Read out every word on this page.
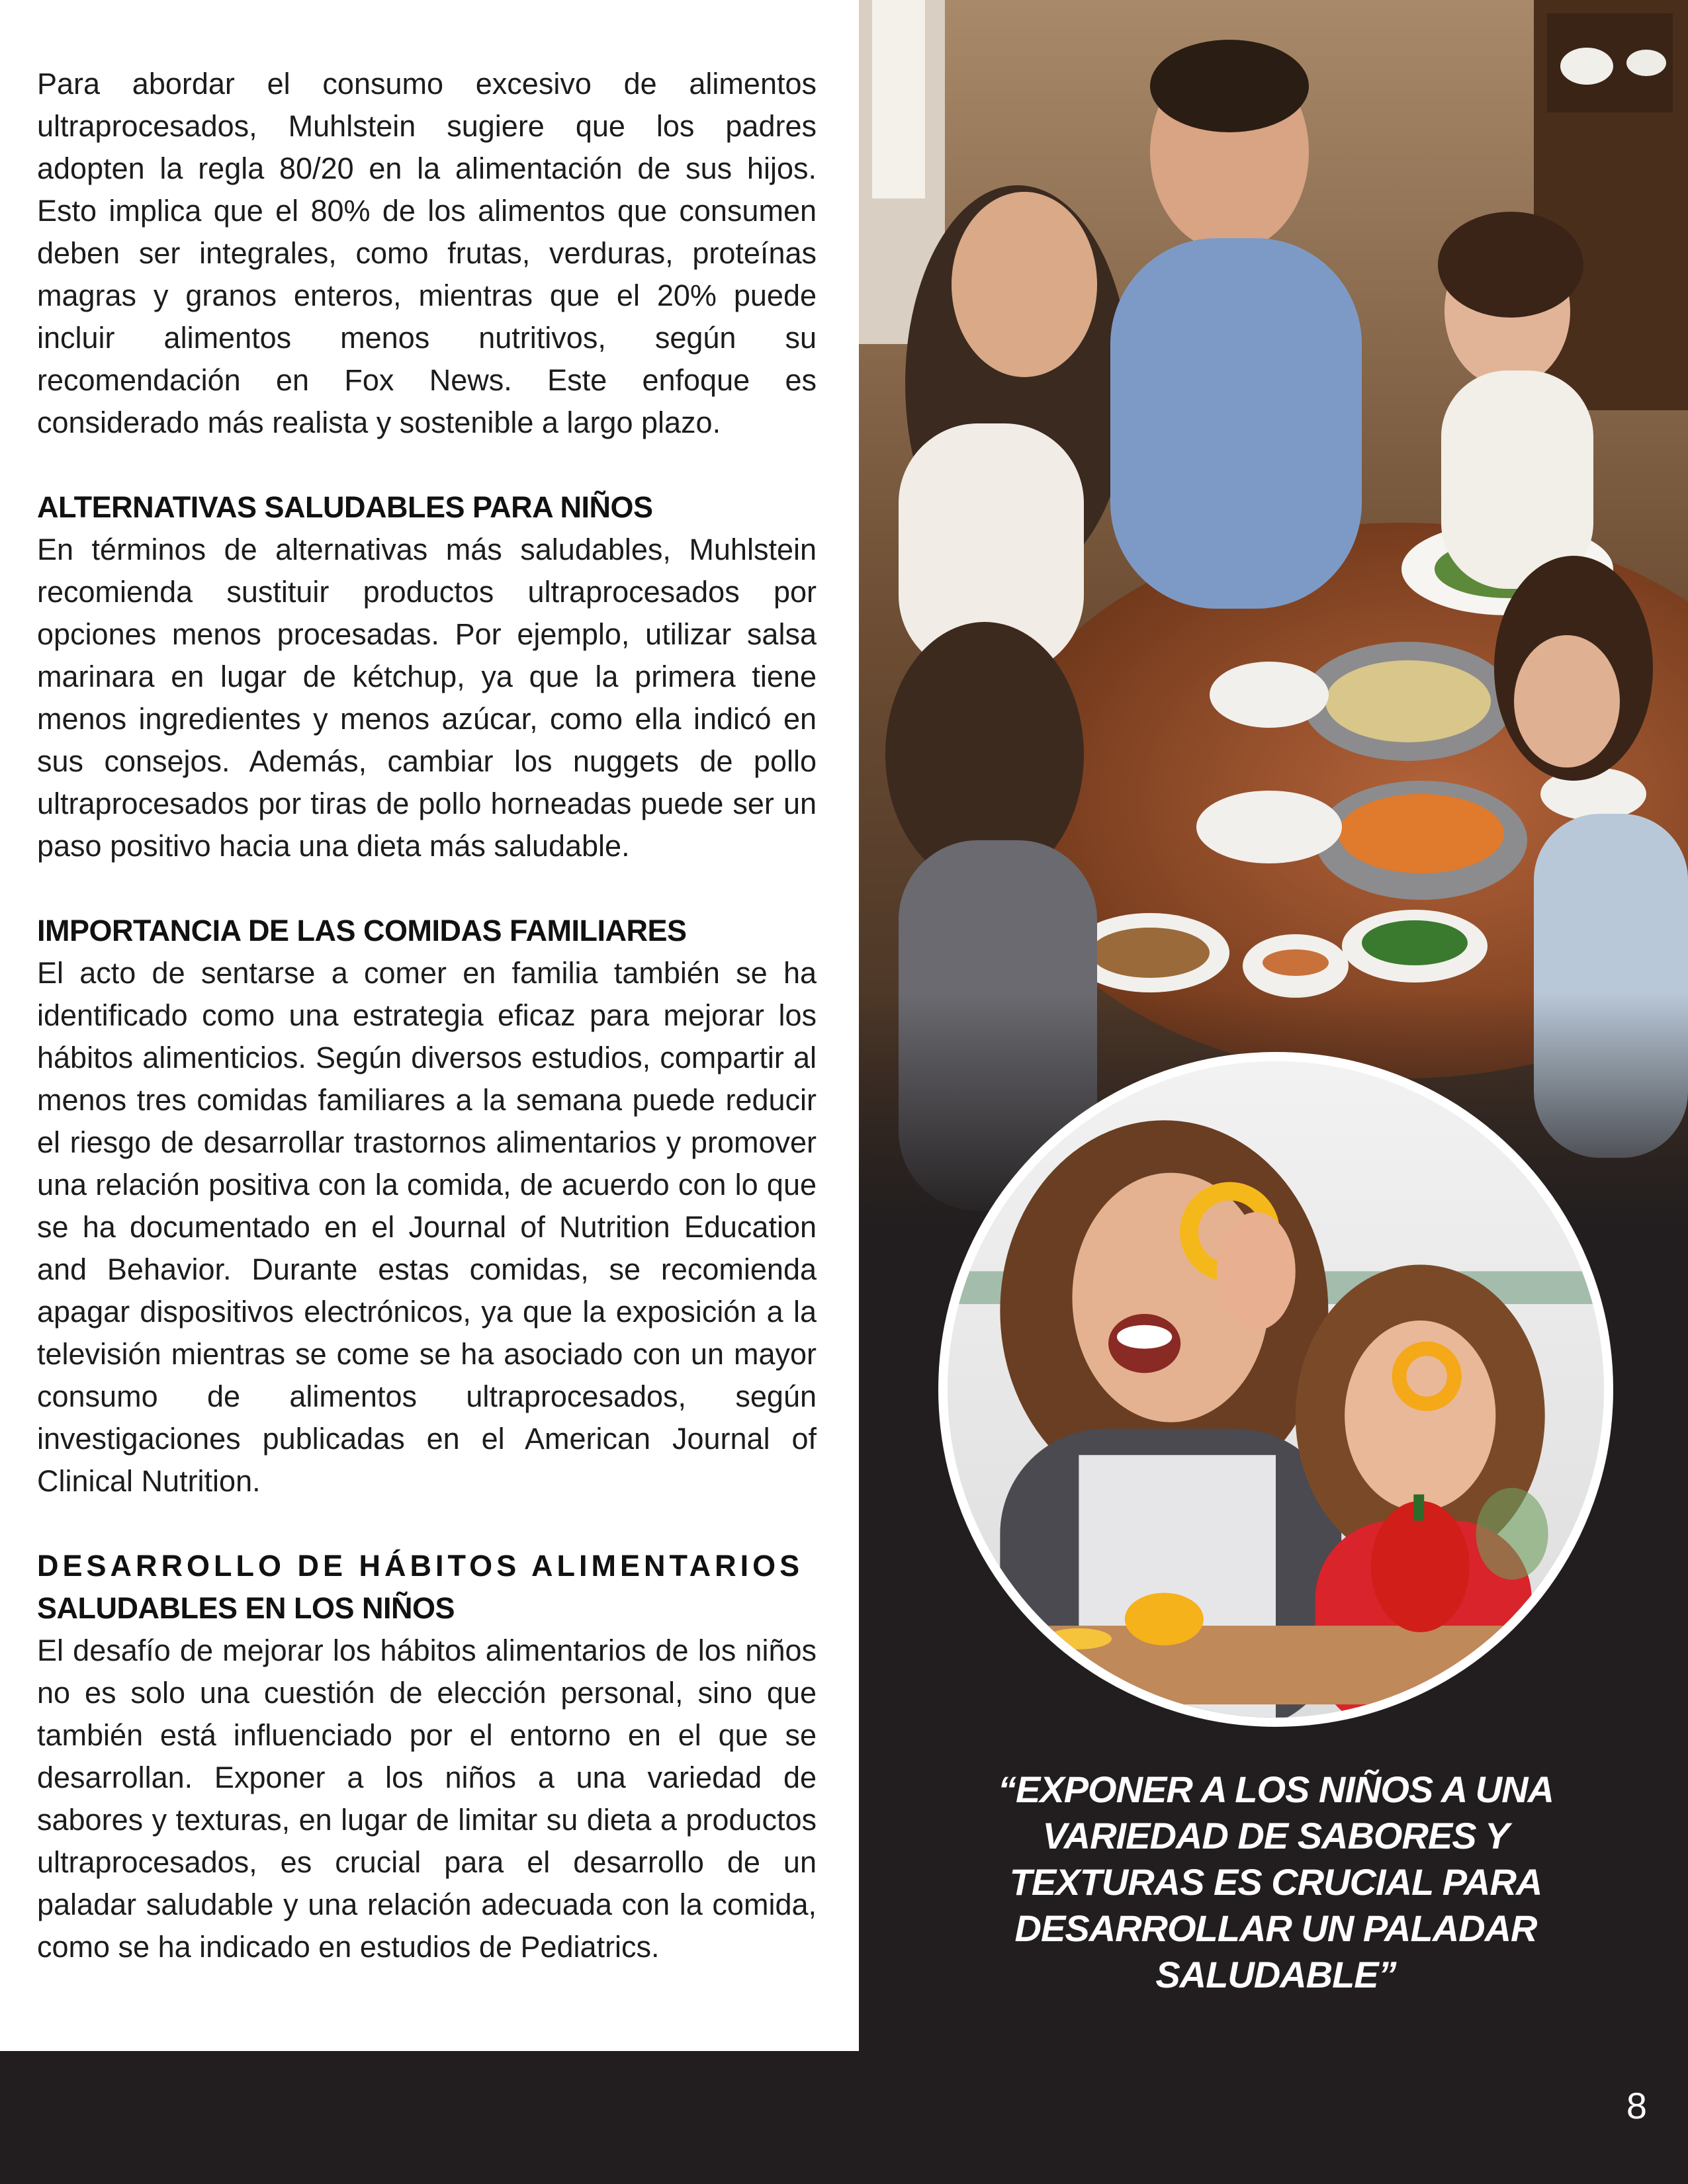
Para abordar el consumo excesivo de alimentos ultraprocesados, Muhlstein sugiere que los padres adopten la regla 80/20 en la alimentación de sus hijos. Esto implica que el 80% de los alimentos que consumen deben ser integrales, como frutas, verduras, proteínas magras y granos enteros, mientras que el 20% puede incluir alimentos menos nutritivos, según su recomendación en Fox News. Este enfoque es considerado más realista y sostenible a largo plazo.

ALTERNATIVAS SALUDABLES PARA NIÑOS

En términos de alternativas más saludables, Muhlstein recomienda sustituir productos ultraprocesados por opciones menos procesadas. Por ejemplo, utilizar salsa marinara en lugar de kétchup, ya que la primera tiene menos ingredientes y menos azúcar, como ella indicó en sus consejos. Además, cambiar los nuggets de pollo ultraprocesados por tiras de pollo horneadas puede ser un paso positivo hacia una dieta más saludable.

IMPORTANCIA DE LAS COMIDAS FAMILIARES

El acto de sentarse a comer en familia también se ha identificado como una estrategia eficaz para mejorar los hábitos alimenticios. Según diversos estudios, compartir al menos tres comidas familiares a la semana puede reducir el riesgo de desarrollar trastornos alimentarios y promover una relación positiva con la comida, de acuerdo con lo que se ha documentado en el Journal of Nutrition Education and Behavior. Durante estas comidas, se recomienda apagar dispositivos electrónicos, ya que la exposición a la televisión mientras se come se ha asociado con un mayor consumo de alimentos ultraprocesados, según investigaciones publicadas en el American Journal of Clinical Nutrition.

DESARROLLO DE HÁBITOS ALIMENTARIOS
SALUDABLES EN LOS NIÑOS

El desafío de mejorar los hábitos alimentarios de los niños no es solo una cuestión de elección personal, sino que también está influenciado por el entorno en el que se desarrollan. Exponer a los niños a una variedad de sabores y texturas, en lugar de limitar su dieta a productos ultraprocesados, es crucial para el desarrollo de un paladar saludable y una relación adecuada con la comida, como se ha indicado en estudios de Pediatrics.

“EXPONER A LOS NIÑOS A UNA
VARIEDAD DE SABORES Y
TEXTURAS ES CRUCIAL PARA
DESARROLLAR UN PALADAR
SALUDABLE”
8
